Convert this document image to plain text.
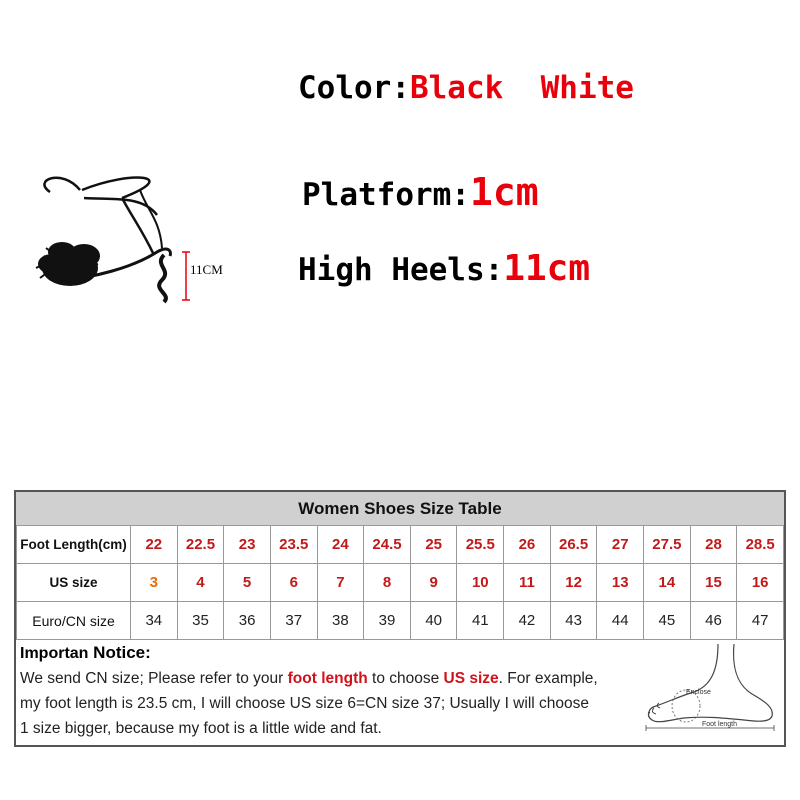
Color:Black White
Platform:1cm
High Heels:11cm
11CM
Women Shoes Size Table
Foot Length(cm)	22	22.5	23	23.5	24	24.5	25	25.5	26	26.5	27	27.5	28	28.5
US size	3	4	5	6	7	8	9	10	11	12	13	14	15	16
Euro/CN size	34	35	36	37	38	39	40	41	42	43	44	45	46	47
Importan Notice:
We send CN size; Please refer to your foot length to choose US size. For example,
my foot length is 23.5 cm, I will choose US size 6=CN size 37; Usually I will choose
1 size bigger, because my foot is a little wide and fat.
Enclose
Foot length
